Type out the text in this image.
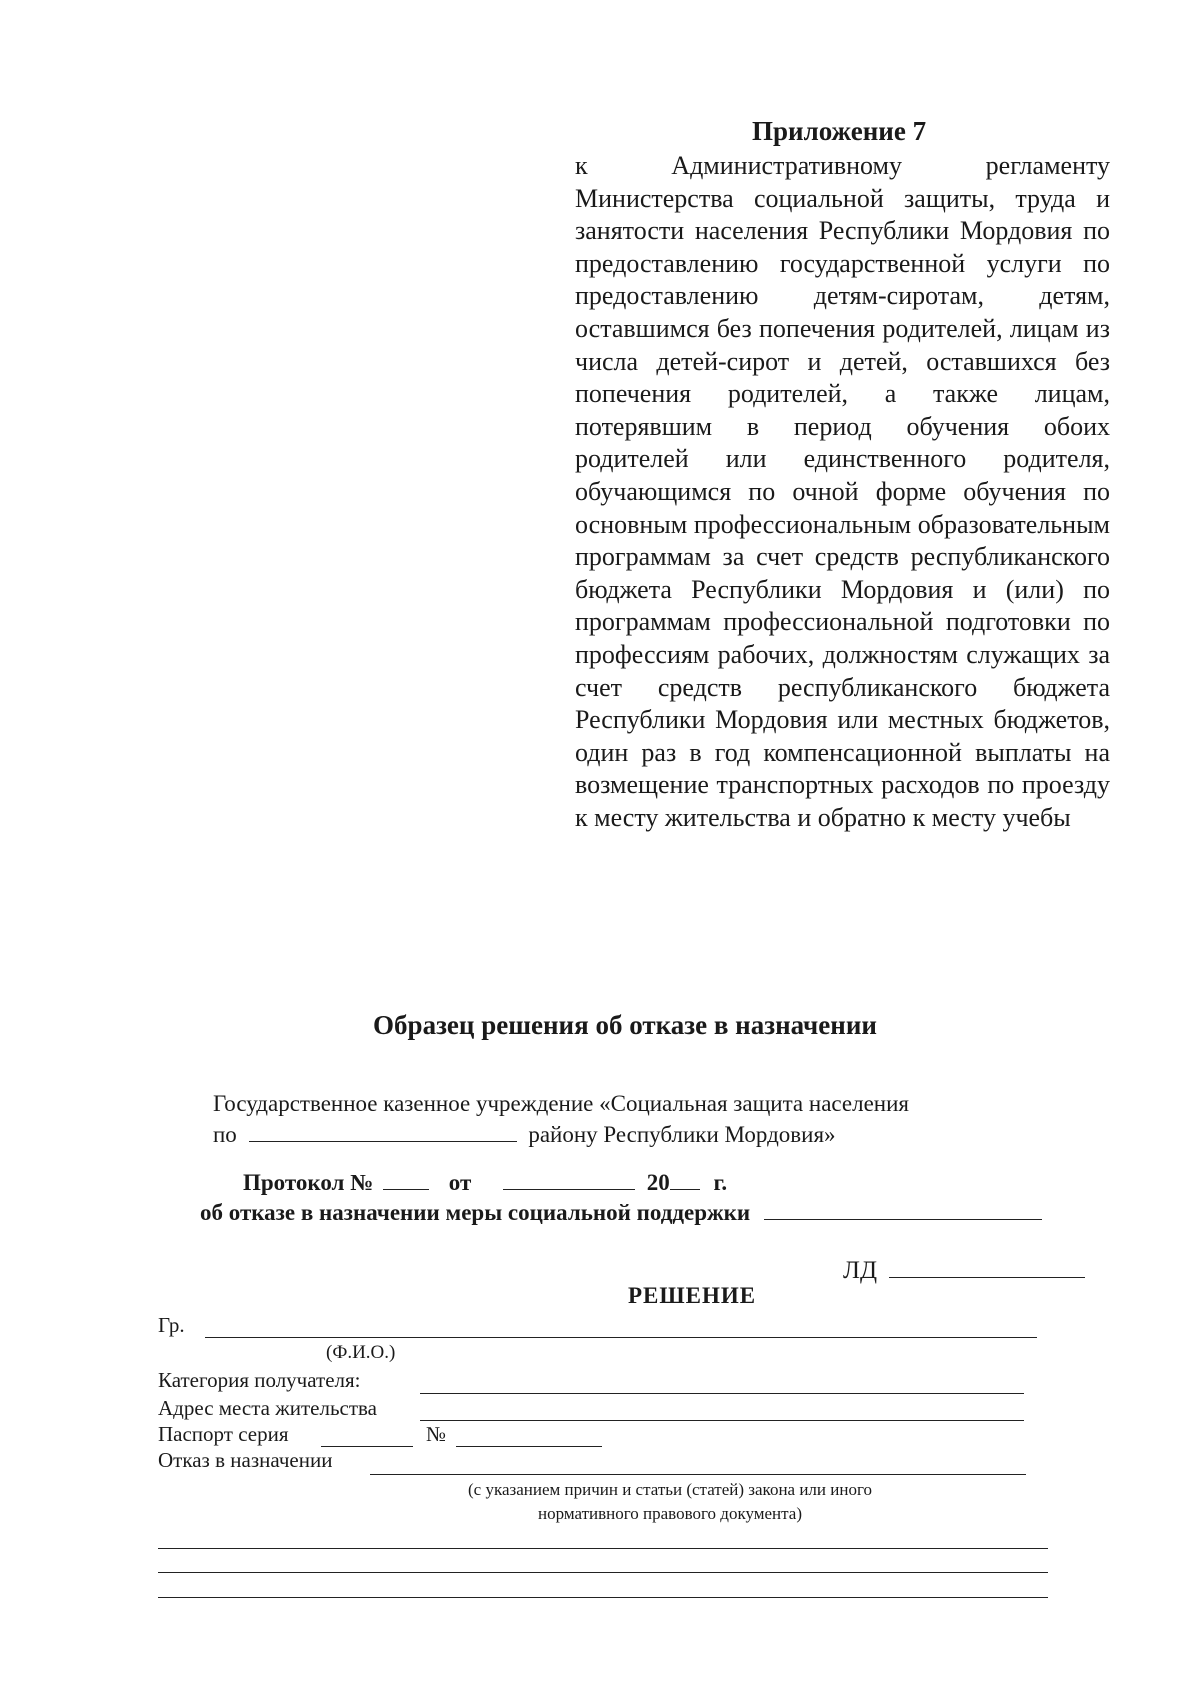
Приложение 7
к Административному регламенту Министерства социальной защиты, труда и занятости населения Республики Мордовия по предоставлению государственной услуги по предоставлению детям-сиротам, детям, оставшимся без попечения родителей, лицам из числа детей-сирот и детей, оставшихся без попечения родителей, а также лицам, потерявшим в период обучения обоих родителей или единственного родителя, обучающимся по очной форме обучения по основным профессиональным образовательным программам за счет средств республиканского бюджета Республики Мордовия и (или) по программам профессиональной подготовки по профессиям рабочих, должностям служащих за счет средств республиканского бюджета Республики Мордовия или местных бюджетов, один раз в год компенсационной выплаты на возмещение транспортных расходов по проезду к месту жительства и обратно к месту учебы
Образец решения об отказе в назначении
Государственное казенное учреждение «Социальная защита населения
по	району Республики Мордовия»
Протокол №	от	20 г.
об отказе в назначении меры социальной поддержки
ЛД
РЕШЕНИЕ
Гр.
(Ф.И.О.)
Категория получателя:
Адрес места жительства
Паспорт серия	№
Отказ в назначении
(с указанием причин и статьи (статей) закона или иного
нормативного правового документа)
